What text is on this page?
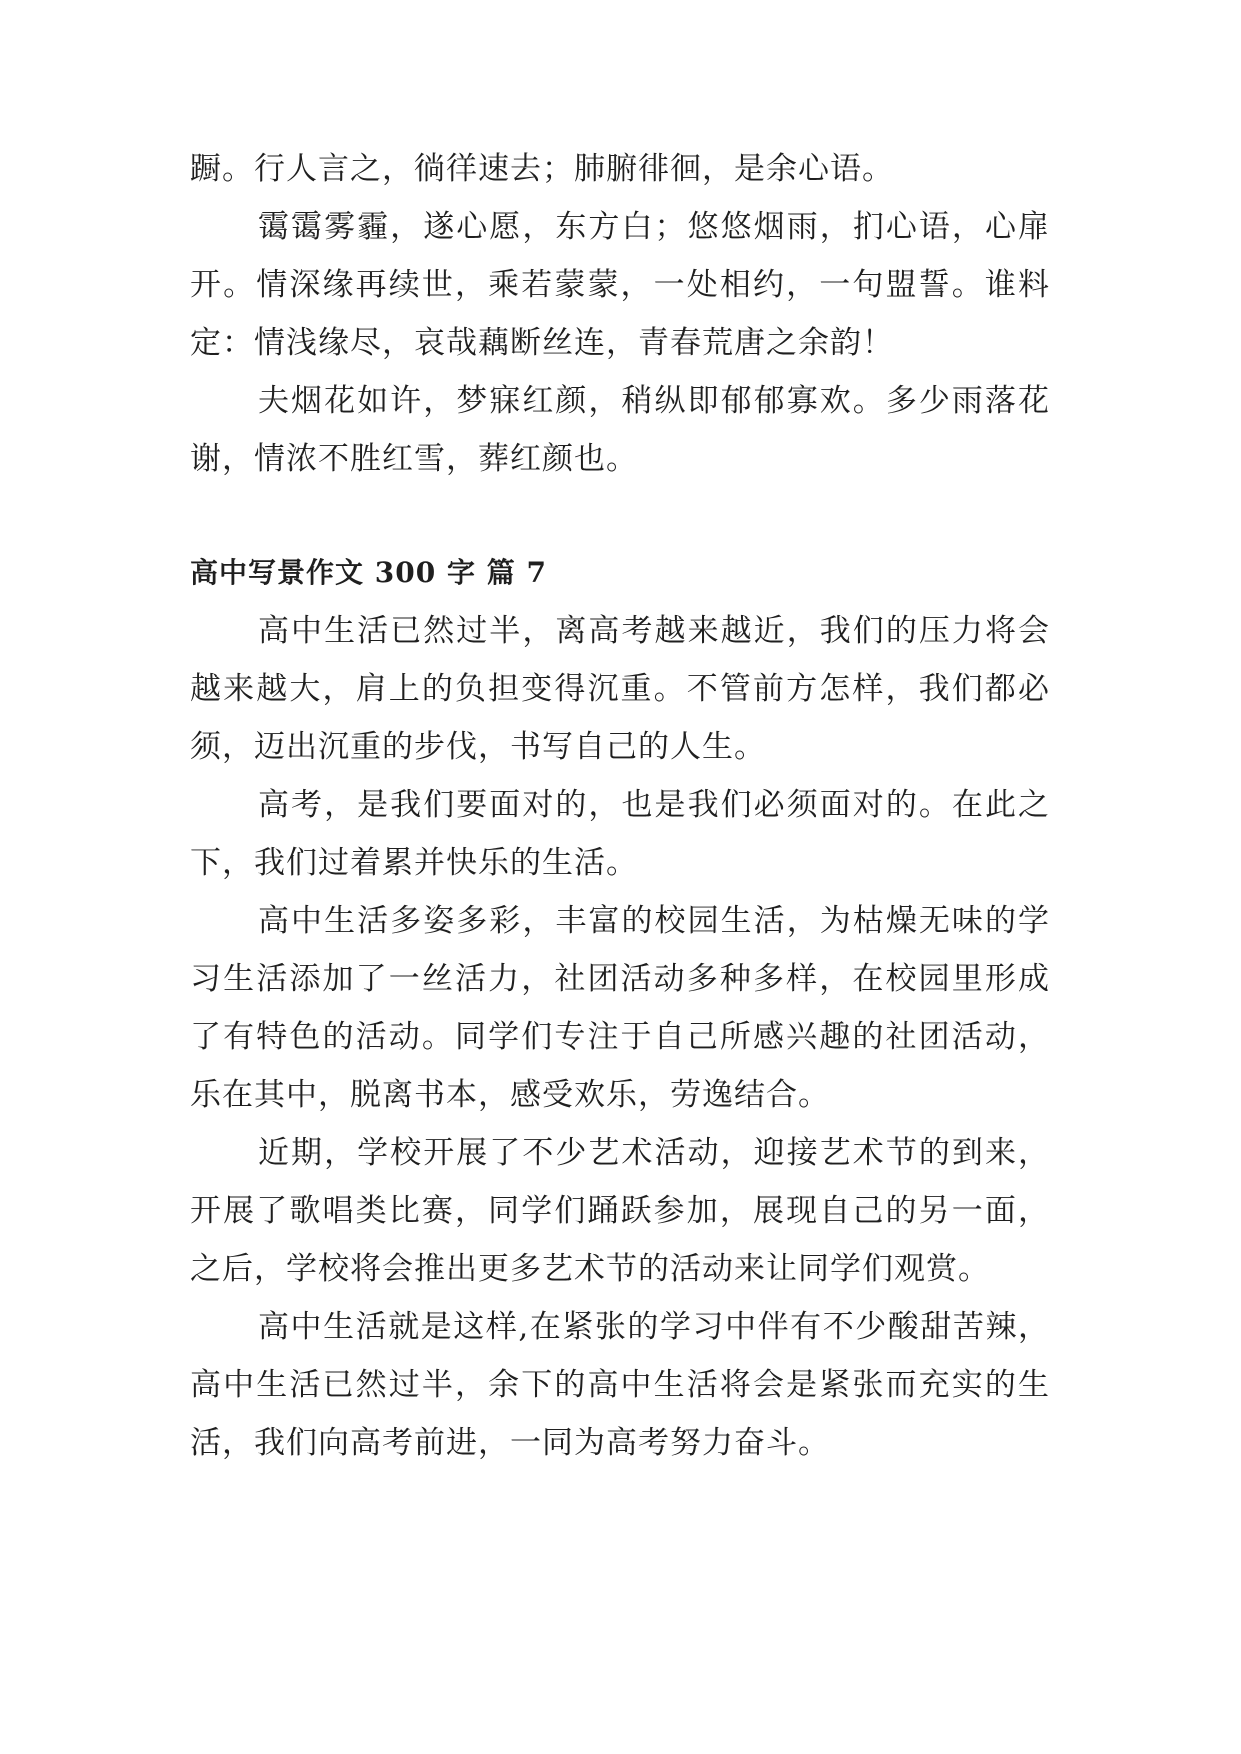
蹰。行人言之，徜徉速去；肺腑徘徊，是余心语。

霭霭雾霾，遂心愿，东方白；悠悠烟雨，扪心语，心扉开。情深缘再续世，乘若蒙蒙，一处相约，一句盟誓。谁料定：情浅缘尽，哀哉藕断丝连，青春荒唐之余韵！

夫烟花如许，梦寐红颜，稍纵即郁郁寡欢。多少雨落花谢，情浓不胜红雪，葬红颜也。

高中写景作文 300 字 篇 7

高中生活已然过半，离高考越来越近，我们的压力将会越来越大，肩上的负担变得沉重。不管前方怎样，我们都必须，迈出沉重的步伐，书写自己的人生。

高考，是我们要面对的，也是我们必须面对的。在此之下，我们过着累并快乐的生活。

高中生活多姿多彩，丰富的校园生活，为枯燥无味的学习生活添加了一丝活力，社团活动多种多样，在校园里形成了有特色的活动。同学们专注于自己所感兴趣的社团活动，乐在其中，脱离书本，感受欢乐，劳逸结合。

近期，学校开展了不少艺术活动，迎接艺术节的到来，开展了歌唱类比赛，同学们踊跃参加，展现自己的另一面，之后，学校将会推出更多艺术节的活动来让同学们观赏。

高中生活就是这样,在紧张的学习中伴有不少酸甜苦辣，高中生活已然过半，余下的高中生活将会是紧张而充实的生活，我们向高考前进，一同为高考努力奋斗。
